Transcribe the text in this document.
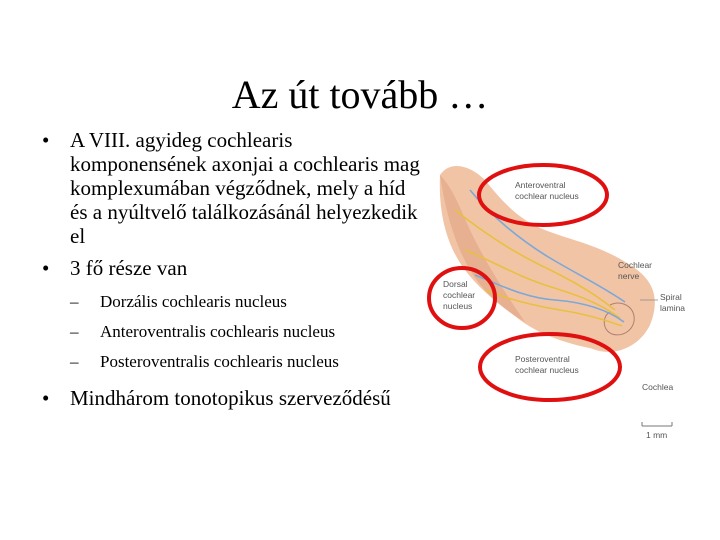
Az út tovább …
• A VIII. agyideg cochlearis komponensének axonjai a cochlearis mag komplexumában végződnek, mely a híd és a nyúltvelő találkozásánál helyezkedik el
• 3 fő része van
– Dorzális cochlearis nucleus
– Anteroventralis cochlearis nucleus
– Posteroventralis cochlearis nucleus
• Mindhárom tonotopikus szerveződésű
Anteroventral
cochlear nucleus
Dorsal
cochlear
nucleus
Posteroventral
cochlear nucleus
Cochlear
nerve
Spiral
lamina
Cochlea
1 mm
